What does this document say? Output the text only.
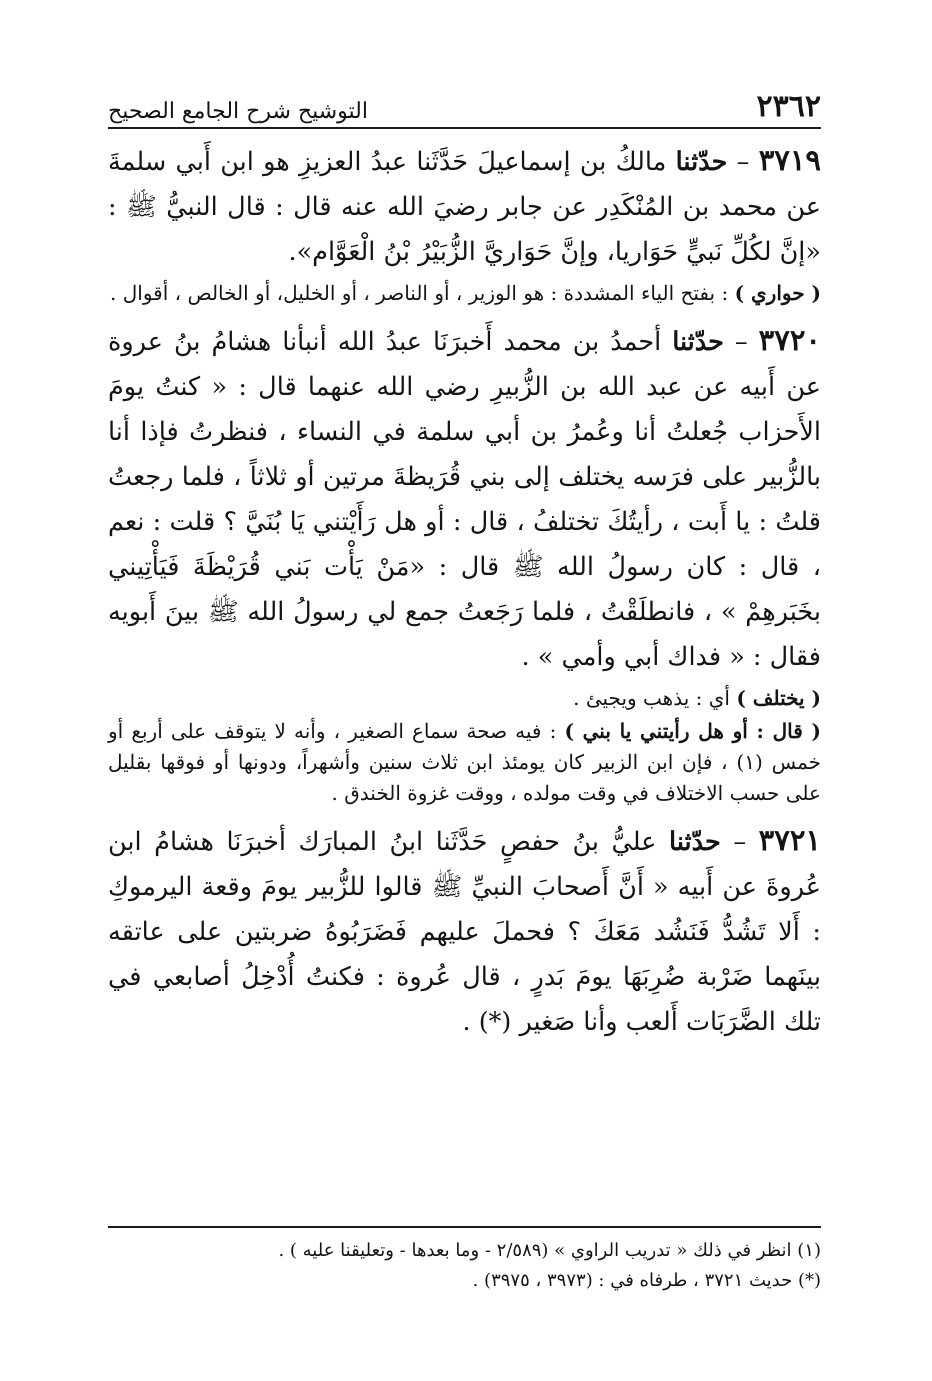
٢٣٦٢
التوشيح شرح الجامع الصحيح

٣٧١٩ – حدّثنا مالكُ بن إسماعيلَ حَدَّثَنا عبدُ العزيزِ هو ابن أَبي سلمةَ عن محمد بن المُنْكَدِر عن جابر رضيَ الله عنه قال : قال النبيُّ ﷺ : «إنَّ لكُلِّ نَبيٍّ حَوَاريا، وإنَّ حَوَاريَّ الزُّبَيْرُ بْنُ الْعَوَّام».

( حواري ) : بفتح الياء المشددة : هو الوزير ، أو الناصر ، أو الخليل، أو الخالص ، أقوال .

٣٧٢٠ – حدّثنا أحمدُ بن محمد أَخبرَنَا عبدُ الله أنبأنا هشامُ بنُ عروة عن أَبيه عن عبد الله بن الزُّبيرِ رضي الله عنهما قال : « كنتُ يومَ الأَحزاب جُعلتُ أنا وعُمرُ بن أبي سلمة في النساء ، فنظرتُ فإذا أنا بالزُّبير على فرَسه يختلف إلى بني قُرَيظةَ مرتين أو ثلاثاً ، فلما رجعتُ قلتُ : يا أَبت ، رأيتُكَ تختلفُ ، قال : أو هل رَأَيْتني يَا بُنَيَّ ؟ قلت : نعم ، قال : كان رسولُ الله ﷺ قال : «مَنْ يَأْت بَني قُرَيْظَةَ فَيَأْتِيني بخَبَرهِمْ » ، فانطلَقْتُ ، فلما رَجَعتُ جمع لي رسولُ الله ﷺ بينَ أَبويه فقال : « فداك أبي وأمي » .

( يختلف ) أي : يذهب ويجيئ .

( قال : أو هل رأيتني يا بني ) : فيه صحة سماع الصغير ، وأنه لا يتوقف على أربع أو خمس (١) ، فإن ابن الزبير كان يومئذ ابن ثلاث سنين وأشهراً، ودونها أو فوقها بقليل على حسب الاختلاف في وقت مولده ، ووقت غزوة الخندق .

٣٧٢١ – حدّثنا عليُّ بنُ حفصٍ حَدَّثَنا ابنُ المبارَك أخبرَنَا هشامُ ابن عُروةَ عن أَبيه « أَنَّ أَصحابَ النبيِّ ﷺ قالوا للزُّبير يومَ وقعة اليرموكِ : أَلا تَشُدُّ فَنَشُد مَعَكَ ؟ فحملَ عليهم فَضَرَبُوهُ ضربتين على عاتقه بينَهما ضَرْبة ضُرِبَهَا يومَ بَدرٍ ، قال عُروة : فكنتُ أُدْخِلُ أصابعي في تلك الضَّرَبَات أَلعب وأنا صَغير (*) .

(١) انظر في ذلك « تدريب الراوي » (٢/٥٨٩ - وما بعدها - وتعليقنا عليه ) .

(*) حديث ٣٧٢١ ، طرفاه في : (٣٩٧٣ ، ٣٩٧٥) .
